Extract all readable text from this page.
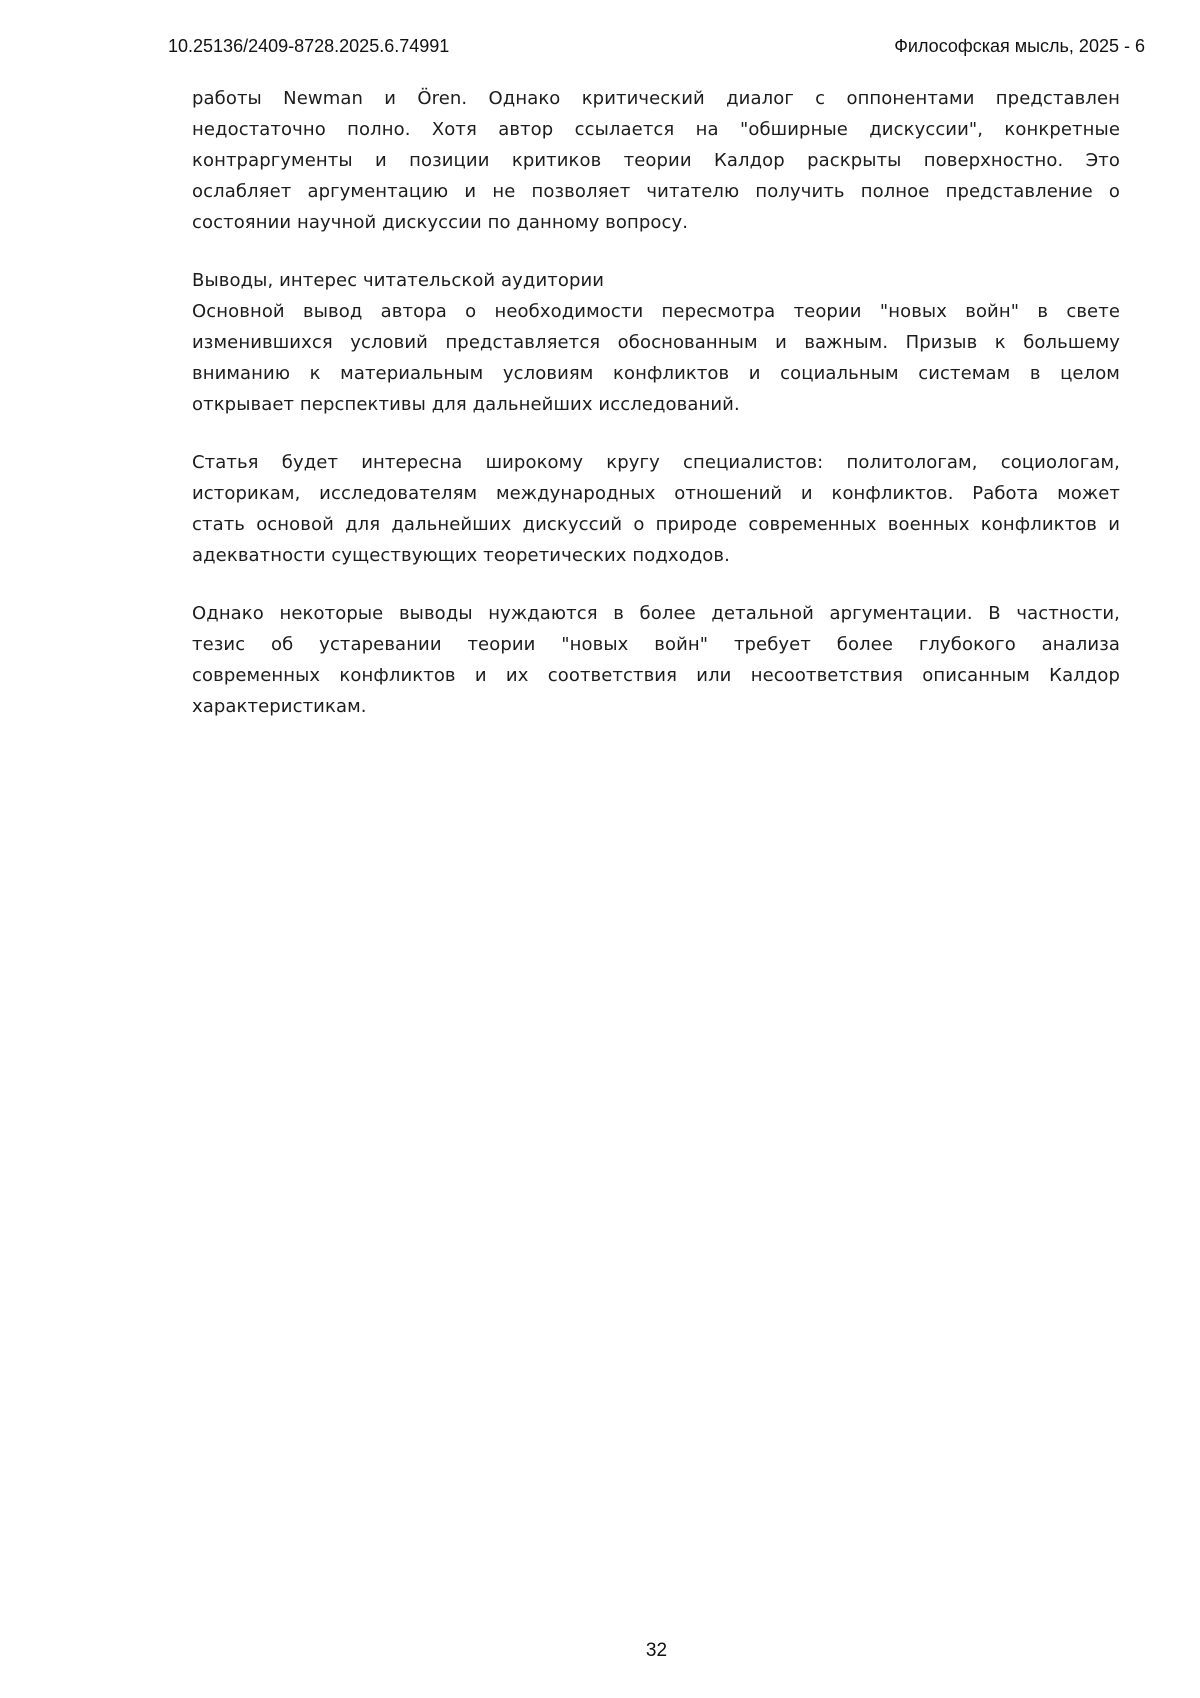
10.25136/2409-8728.2025.6.74991	Философская мысль, 2025 - 6
работы Newman и Ören. Однако критический диалог с оппонентами представлен
недостаточно полно. Хотя автор ссылается на "обширные дискуссии", конкретные
контраргументы и позиции критиков теории Калдор раскрыты поверхностно. Это
ослабляет аргументацию и не позволяет читателю получить полное представление о
состоянии научной дискуссии по данному вопросу.
Выводы, интерес читательской аудитории
Основной вывод автора о необходимости пересмотра теории "новых войн" в свете
изменившихся условий представляется обоснованным и важным. Призыв к большему
вниманию к материальным условиям конфликтов и социальным системам в целом
открывает перспективы для дальнейших исследований.
Статья будет интересна широкому кругу специалистов: политологам, социологам,
историкам, исследователям международных отношений и конфликтов. Работа может
стать основой для дальнейших дискуссий о природе современных военных конфликтов и
адекватности существующих теоретических подходов.
Однако некоторые выводы нуждаются в более детальной аргументации. В частности,
тезис об устаревании теории "новых войн" требует более глубокого анализа
современных конфликтов и их соответствия или несоответствия описанным Калдор
характеристикам.
32
